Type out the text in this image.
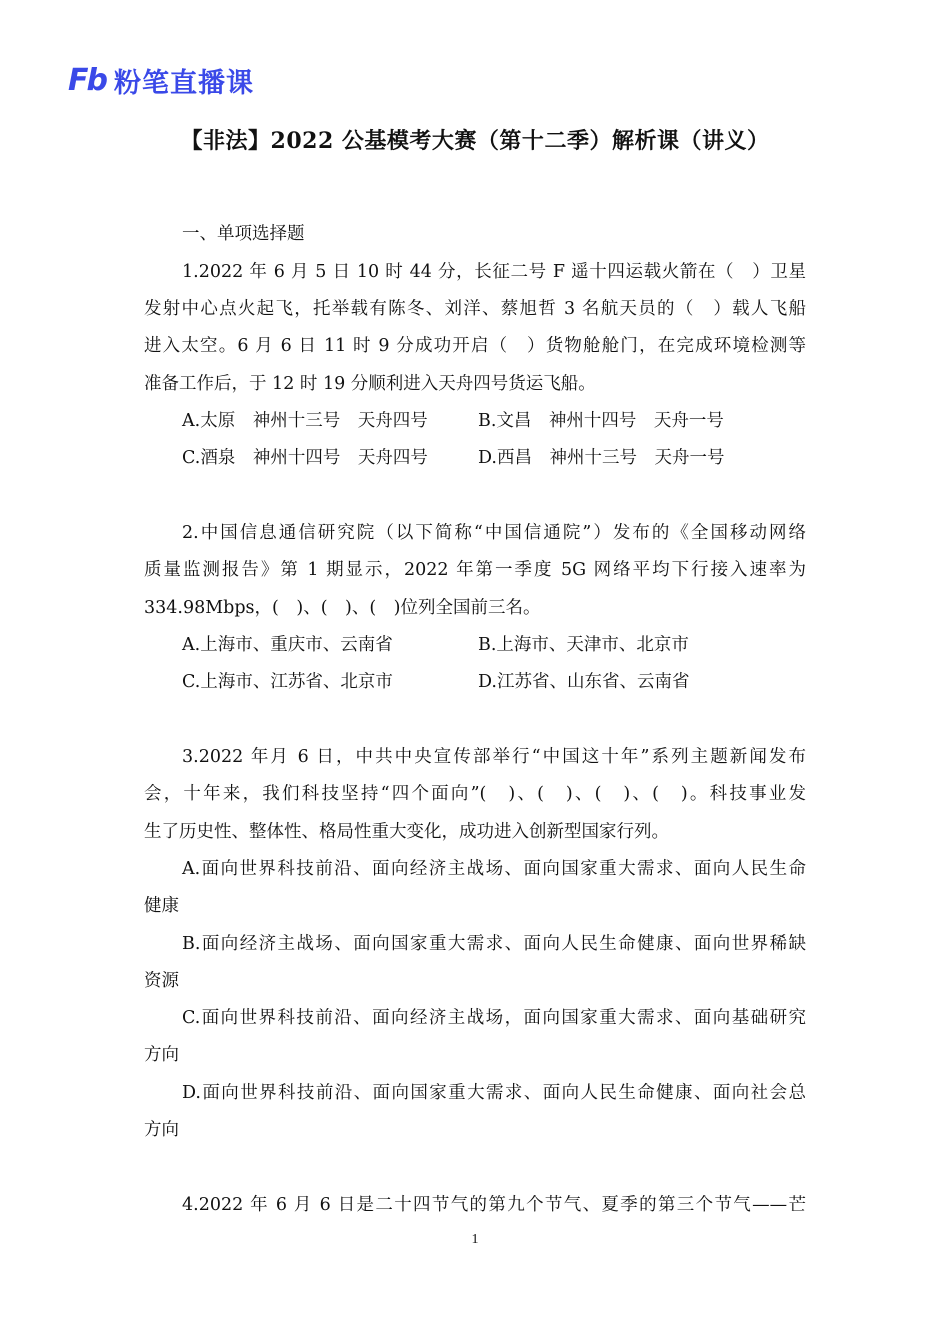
Fb 粉笔直播课
【非法】2022 公基模考大赛（第十二季）解析课（讲义）
一、单项选择题
1.2022 年 6 月 5 日 10 时 44 分，长征二号 F 遥十四运载火箭在（　）卫星
发射中心点火起飞，托举载有陈冬、刘洋、蔡旭哲 3 名航天员的（　）载人飞船
进入太空。6 月 6 日 11 时 9 分成功开启（　）货物舱舱门，在完成环境检测等
准备工作后，于 12 时 19 分顺利进入天舟四号货运飞船。
A.太原　神州十三号　天舟四号	B.文昌　神州十四号　天舟一号
C.酒泉　神州十四号　天舟四号	D.西昌　神州十三号　天舟一号
2.中国信息通信研究院（以下简称“中国信通院”）发布的《全国移动网络
质量监测报告》第 1 期显示，2022 年第一季度 5G 网络平均下行接入速率为
334.98Mbps，(　)、(　)、(　)位列全国前三名。
A.上海市、重庆市、云南省	B.上海市、天津市、北京市
C.上海市、江苏省、北京市	D.江苏省、山东省、云南省
3.2022 年月 6 日，中共中央宣传部举行“中国这十年”系列主题新闻发布
会，十年来，我们科技坚持“四个面向”(　)、(　)、(　)、(　)。科技事业发
生了历史性、整体性、格局性重大变化，成功进入创新型国家行列。
A.面向世界科技前沿、面向经济主战场、面向国家重大需求、面向人民生命
健康
B.面向经济主战场、面向国家重大需求、面向人民生命健康、面向世界稀缺
资源
C.面向世界科技前沿、面向经济主战场，面向国家重大需求、面向基础研究
方向
D.面向世界科技前沿、面向国家重大需求、面向人民生命健康、面向社会总
方向
4.2022 年 6 月 6 日是二十四节气的第九个节气、夏季的第三个节气——芒
1
